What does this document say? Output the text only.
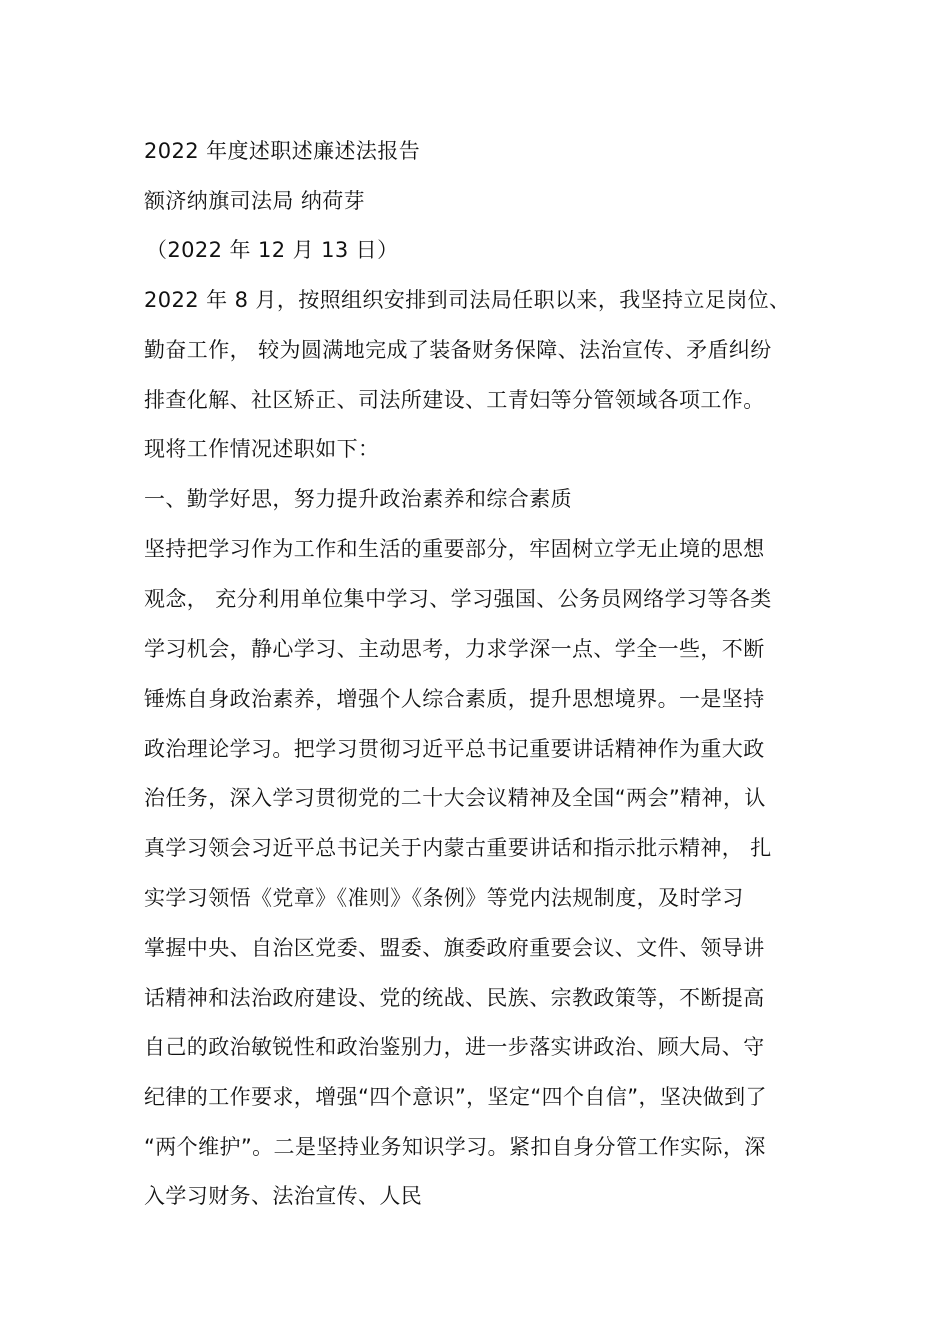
2022 年度述职述廉述法报告
额济纳旗司法局 纳荷芽
（2022 年 12 月 13 日）
2022 年 8 月，按照组织安排到司法局任职以来，我坚持立足岗位、
勤奋工作， 较为圆满地完成了装备财务保障、法治宣传、矛盾纠纷
排查化解、社区矫正、司法所建设、工青妇等分管领域各项工作。
现将工作情况述职如下：
一、勤学好思，努力提升政治素养和综合素质
坚持把学习作为工作和生活的重要部分，牢固树立学无止境的思想
观念， 充分利用单位集中学习、学习强国、公务员网络学习等各类
学习机会，静心学习、主动思考，力求学深一点、学全一些，不断
锤炼自身政治素养，增强个人综合素质，提升思想境界。一是坚持
政治理论学习。把学习贯彻习近平总书记重要讲话精神作为重大政
治任务，深入学习贯彻党的二十大会议精神及全国“两会”精神，认
真学习领会习近平总书记关于内蒙古重要讲话和指示批示精神， 扎
实学习领悟《党章》《准则》《条例》等党内法规制度，及时学习
掌握中央、自治区党委、盟委、旗委政府重要会议、文件、领导讲
话精神和法治政府建设、党的统战、民族、宗教政策等，不断提高
自己的政治敏锐性和政治鉴别力，进一步落实讲政治、顾大局、守
纪律的工作要求，增强“四个意识”，坚定“四个自信”，坚决做到了
“两个维护”。二是坚持业务知识学习。紧扣自身分管工作实际，深
入学习财务、法治宣传、人民
